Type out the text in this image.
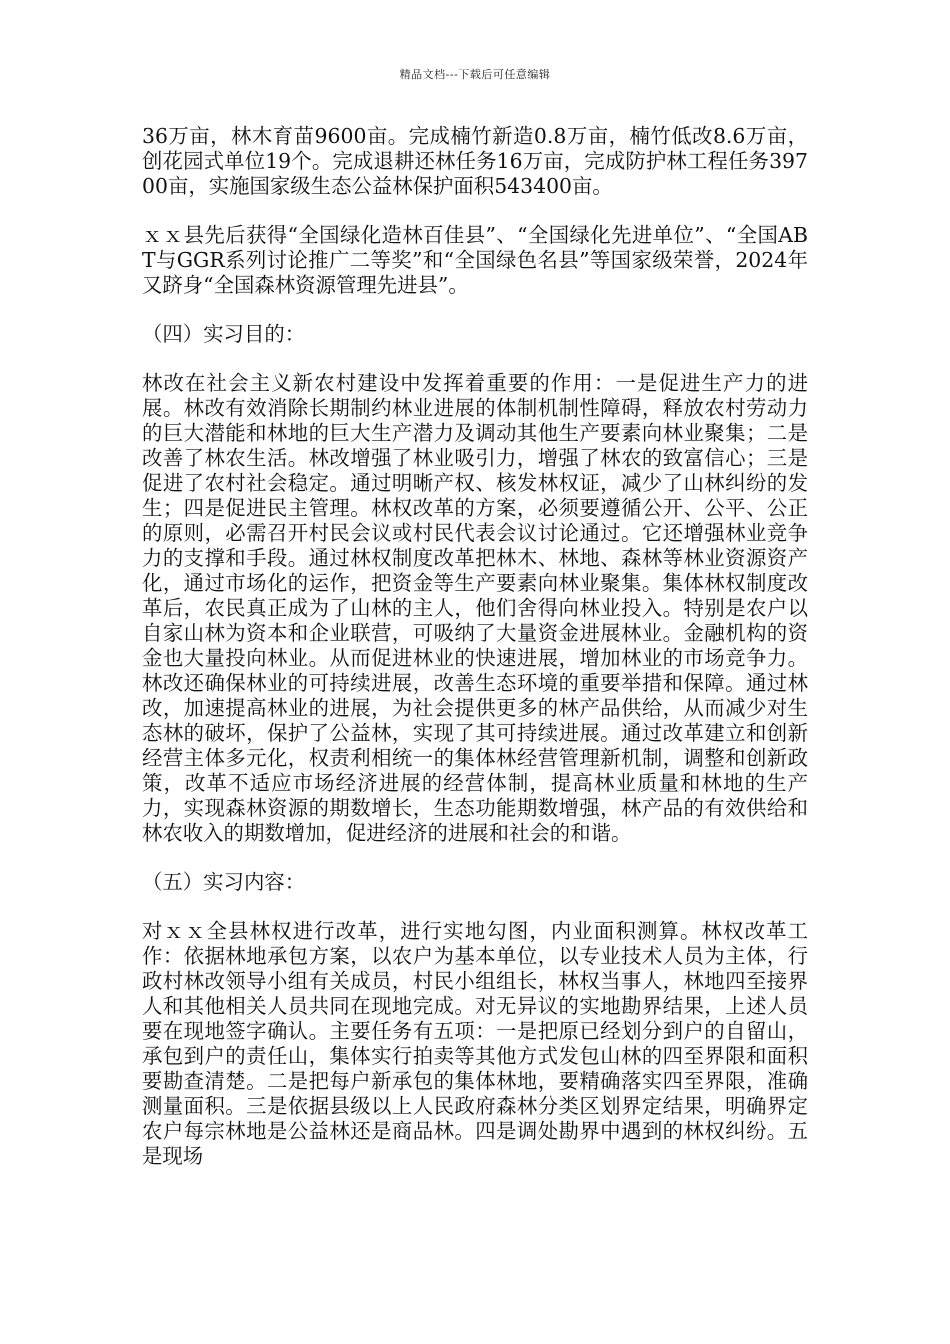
精品文档---下载后可任意编辑

36万亩，林木育苗9600亩。完成楠竹新造0.8万亩，楠竹低改8.6万亩，创花园式单位19个。完成退耕还林任务16万亩，完成防护林工程任务39700亩，实施国家级生态公益林保护面积543400亩。

ｘｘ县先后获得“全国绿化造林百佳县”、“全国绿化先进单位”、“全国ABT与GGR系列讨论推广二等奖”和“全国绿色名县”等国家级荣誉，2024年又跻身“全国森林资源管理先进县”。

（四）实习目的：

林改在社会主义新农村建设中发挥着重要的作用：一是促进生产力的进展。林改有效消除长期制约林业进展的体制机制性障碍，释放农村劳动力的巨大潜能和林地的巨大生产潜力及调动其他生产要素向林业聚集；二是改善了林农生活。林改增强了林业吸引力，增强了林农的致富信心；三是促进了农村社会稳定。通过明晰产权、核发林权证，减少了山林纠纷的发生；四是促进民主管理。林权改革的方案，必须要遵循公开、公平、公正的原则，必需召开村民会议或村民代表会议讨论通过。它还增强林业竞争力的支撑和手段。通过林权制度改革把林木、林地、森林等林业资源资产化，通过市场化的运作，把资金等生产要素向林业聚集。集体林权制度改革后，农民真正成为了山林的主人，他们舍得向林业投入。特别是农户以自家山林为资本和企业联营，可吸纳了大量资金进展林业。金融机构的资金也大量投向林业。从而促进林业的快速进展，增加林业的市场竞争力。林改还确保林业的可持续进展，改善生态环境的重要举措和保障。通过林改，加速提高林业的进展，为社会提供更多的林产品供给，从而减少对生态林的破坏，保护了公益林，实现了其可持续进展。通过改革建立和创新经营主体多元化，权责利相统一的集体林经营管理新机制，调整和创新政策，改革不适应市场经济进展的经营体制，提高林业质量和林地的生产力，实现森林资源的期数增长，生态功能期数增强，林产品的有效供给和林农收入的期数增加，促进经济的进展和社会的和谐。

（五）实习内容：

对ｘｘ全县林权进行改革，进行实地勾图，内业面积测算。林权改革工作：依据林地承包方案，以农户为基本单位，以专业技术人员为主体，行政村林改领导小组有关成员，村民小组组长，林权当事人，林地四至接界人和其他相关人员共同在现地完成。对无异议的实地勘界结果，上述人员要在现地签字确认。主要任务有五项：一是把原已经划分到户的自留山，承包到户的责任山，集体实行拍卖等其他方式发包山林的四至界限和面积要勘查清楚。二是把每户新承包的集体林地，要精确落实四至界限，准确测量面积。三是依据县级以上人民政府森林分类区划界定结果，明确界定农户每宗林地是公益林还是商品林。四是调处勘界中遇到的林权纠纷。五是现场
